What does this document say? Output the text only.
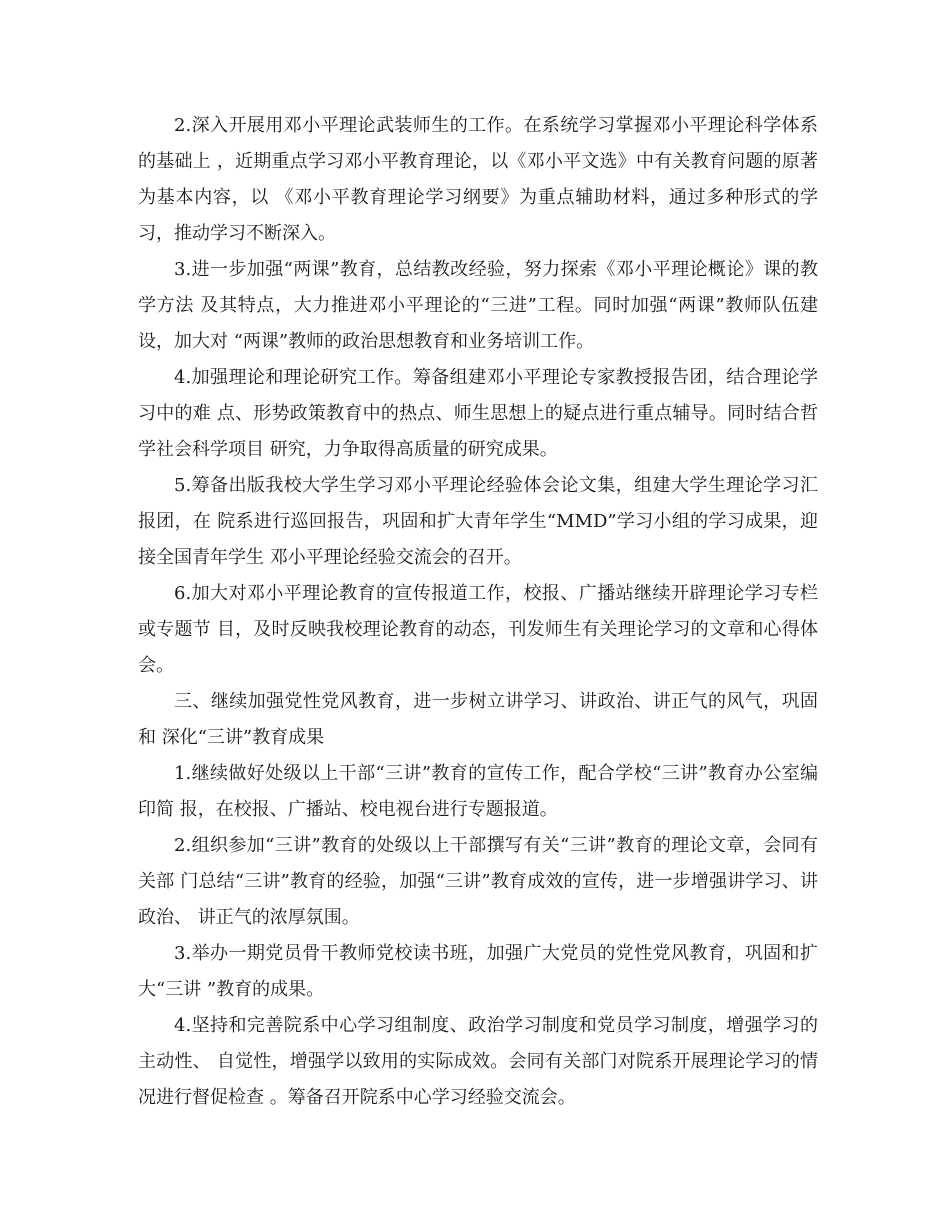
2.深入开展用邓小平理论武装师生的工作。在系统学习掌握邓小平理论科学体系的基础上 ，近期重点学习邓小平教育理论，以《邓小平文选》中有关教育问题的原著为基本内容，以 《邓小平教育理论学习纲要》为重点辅助材料，通过多种形式的学习，推动学习不断深入。

3.进一步加强“两课”教育，总结教改经验，努力探索《邓小平理论概论》课的教学方法 及其特点，大力推进邓小平理论的“三进”工程。同时加强“两课”教师队伍建设，加大对 “两课”教师的政治思想教育和业务培训工作。

4.加强理论和理论研究工作。筹备组建邓小平理论专家教授报告团，结合理论学习中的难 点、形势政策教育中的热点、师生思想上的疑点进行重点辅导。同时结合哲学社会科学项目 研究，力争取得高质量的研究成果。

5.筹备出版我校大学生学习邓小平理论经验体会论文集，组建大学生理论学习汇报团，在 院系进行巡回报告，巩固和扩大青年学生“MMD”学习小组的学习成果，迎接全国青年学生 邓小平理论经验交流会的召开。

6.加大对邓小平理论教育的宣传报道工作，校报、广播站继续开辟理论学习专栏或专题节 目，及时反映我校理论教育的动态，刊发师生有关理论学习的文章和心得体会。

三、继续加强党性党风教育，进一步树立讲学习、讲政治、讲正气的风气，巩固和 深化“三讲”教育成果

1.继续做好处级以上干部“三讲”教育的宣传工作，配合学校“三讲”教育办公室编印简 报，在校报、广播站、校电视台进行专题报道。

2.组织参加“三讲”教育的处级以上干部撰写有关“三讲”教育的理论文章，会同有关部 门总结“三讲”教育的经验，加强“三讲”教育成效的宣传，进一步增强讲学习、讲政治、 讲正气的浓厚氛围。

3.举办一期党员骨干教师党校读书班，加强广大党员的党性党风教育，巩固和扩大“三讲 ”教育的成果。

4.坚持和完善院系中心学习组制度、政治学习制度和党员学习制度，增强学习的主动性、 自觉性，增强学以致用的实际成效。会同有关部门对院系开展理论学习的情况进行督促检查 。筹备召开院系中心学习经验交流会。
